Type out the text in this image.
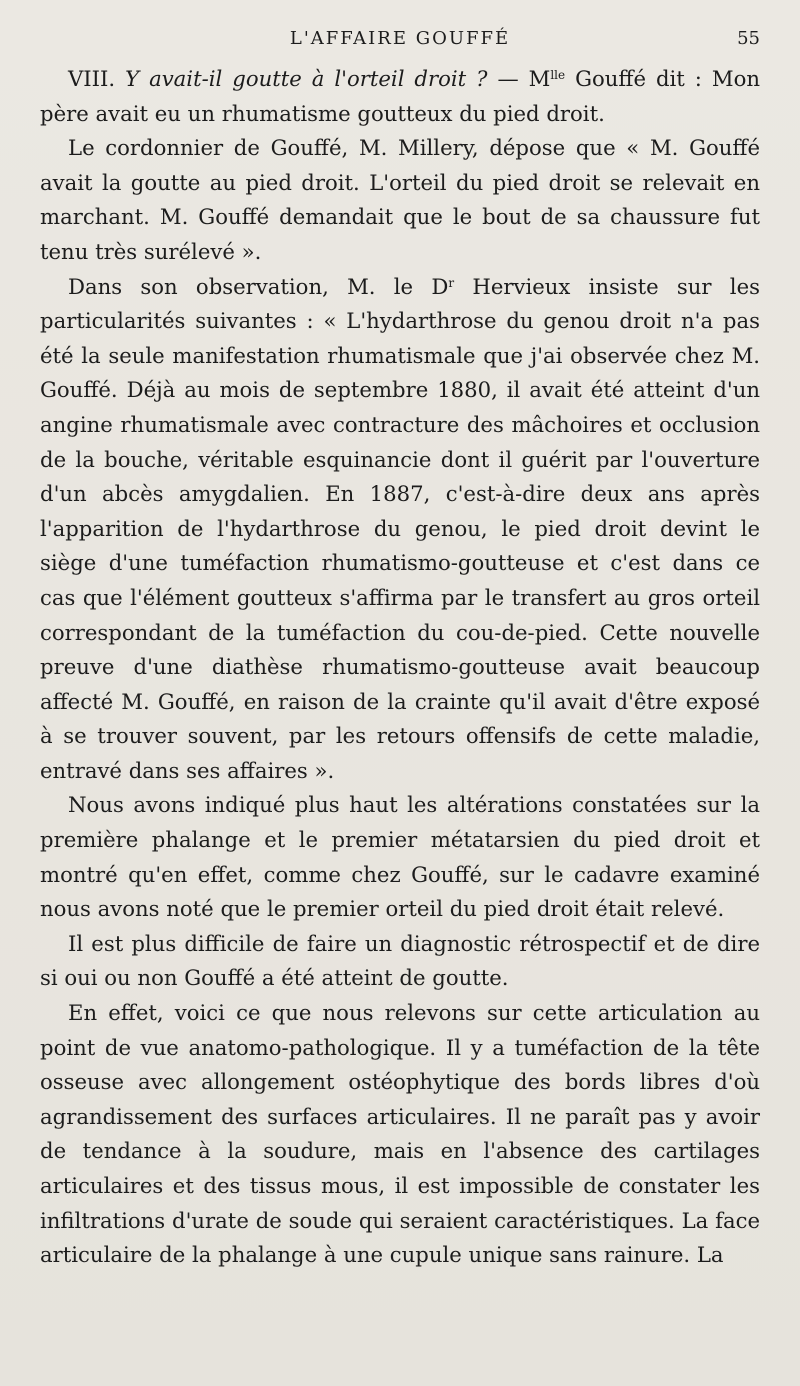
L'AFFAIRE GOUFFÉ	55

VIII. Y avait-il goutte à l'orteil droit ? — $M^{lle}$ Gouffé dit : Mon père avait eu un rhumatisme goutteux du pied droit.

Le cordonnier de Gouffé, M. Millery, dépose que « M. Gouffé avait la goutte au pied droit. L'orteil du pied droit se relevait en marchant. M. Gouffé demandait que le bout de sa chaussure fut tenu très surélevé ».

Dans son observation, M. le $D^r$ Hervieux insiste sur les particularités suivantes : « L'hydarthrose du genou droit n'a pas été la seule manifestation rhumatismale que j'ai observée chez M. Gouffé. Déjà au mois de septembre 1880, il avait été atteint d'un angine rhumatismale avec contracture des mâchoires et occlusion de la bouche, véritable esquinancie dont il guérit par l'ouverture d'un abcès amygdalien. En 1887, c'est-à-dire deux ans après l'apparition de l'hydarthrose du genou, le pied droit devint le siège d'une tuméfaction rhumatismo-goutteuse et c'est dans ce cas que l'élément goutteux s'affirma par le transfert au gros orteil correspondant de la tuméfaction du cou-de-pied. Cette nouvelle preuve d'une diathèse rhumatismo-goutteuse avait beaucoup affecté M. Gouffé, en raison de la crainte qu'il avait d'être exposé à se trouver souvent, par les retours offensifs de cette maladie, entravé dans ses affaires ».

Nous avons indiqué plus haut les altérations constatées sur la première phalange et le premier métatarsien du pied droit et montré qu'en effet, comme chez Gouffé, sur le cadavre examiné nous avons noté que le premier orteil du pied droit était relevé.

Il est plus difficile de faire un diagnostic rétrospectif et de dire si oui ou non Gouffé a été atteint de goutte.

En effet, voici ce que nous relevons sur cette articulation au point de vue anatomo-pathologique. Il y a tuméfaction de la tête osseuse avec allongement ostéophytique des bords libres d'où agrandissement des surfaces articulaires. Il ne paraît pas y avoir de tendance à la soudure, mais en l'absence des cartilages articulaires et des tissus mous, il est impossible de constater les infiltrations d'urate de soude qui seraient caractéristiques. La face articulaire de la phalange à une cupule unique sans rainure. La
